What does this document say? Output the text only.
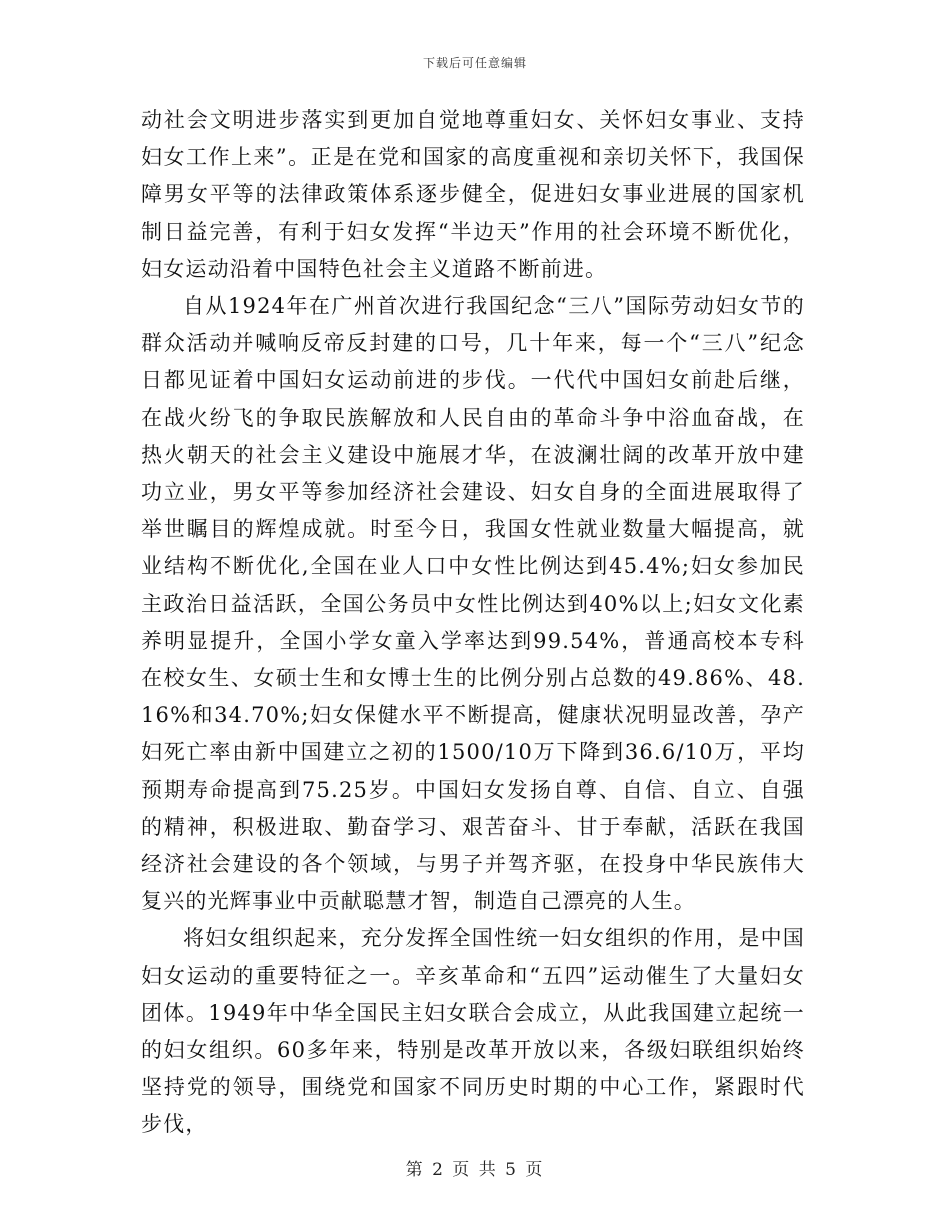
下载后可任意编辑

动社会文明进步落实到更加自觉地尊重妇女、关怀妇女事业、支持妇女工作上来”。正是在党和国家的高度重视和亲切关怀下，我国保障男女平等的法律政策体系逐步健全，促进妇女事业进展的国家机制日益完善，有利于妇女发挥“半边天”作用的社会环境不断优化，妇女运动沿着中国特色社会主义道路不断前进。

自从1924年在广州首次进行我国纪念“三八”国际劳动妇女节的群众活动并喊响反帝反封建的口号，几十年来，每一个“三八”纪念日都见证着中国妇女运动前进的步伐。一代代中国妇女前赴后继，在战火纷飞的争取民族解放和人民自由的革命斗争中浴血奋战，在热火朝天的社会主义建设中施展才华，在波澜壮阔的改革开放中建功立业，男女平等参加经济社会建设、妇女自身的全面进展取得了举世瞩目的辉煌成就。时至今日，我国女性就业数量大幅提高，就业结构不断优化,全国在业人口中女性比例达到45.4%;妇女参加民主政治日益活跃，全国公务员中女性比例达到40%以上;妇女文化素养明显提升，全国小学女童入学率达到99.54%，普通高校本专科在校女生、女硕士生和女博士生的比例分别占总数的49.86%、48.16%和34.70%;妇女保健水平不断提高，健康状况明显改善，孕产妇死亡率由新中国建立之初的1500/10万下降到36.6/10万，平均预期寿命提高到75.25岁。中国妇女发扬自尊、自信、自立、自强的精神，积极进取、勤奋学习、艰苦奋斗、甘于奉献，活跃在我国经济社会建设的各个领域，与男子并驾齐驱，在投身中华民族伟大复兴的光辉事业中贡献聪慧才智，制造自己漂亮的人生。

将妇女组织起来，充分发挥全国性统一妇女组织的作用，是中国妇女运动的重要特征之一。辛亥革命和“五四”运动催生了大量妇女团体。1949年中华全国民主妇女联合会成立，从此我国建立起统一的妇女组织。60多年来，特别是改革开放以来，各级妇联组织始终坚持党的领导，围绕党和国家不同历史时期的中心工作，紧跟时代步伐，

第 2 页 共 5 页
